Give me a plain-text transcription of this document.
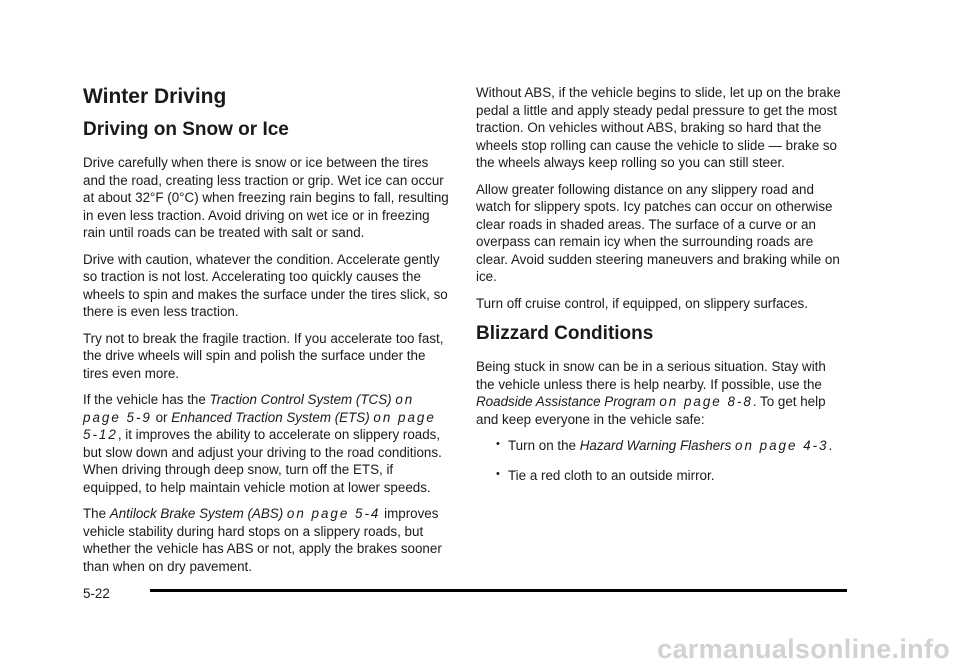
Winter Driving
Driving on Snow or Ice

Drive carefully when there is snow or ice between the tires and the road, creating less traction or grip. Wet ice can occur at about 32°F (0°C) when freezing rain begins to fall, resulting in even less traction. Avoid driving on wet ice or in freezing rain until roads can be treated with salt or sand.

Drive with caution, whatever the condition. Accelerate gently so traction is not lost. Accelerating too quickly causes the wheels to spin and makes the surface under the tires slick, so there is even less traction.

Try not to break the fragile traction. If you accelerate too fast, the drive wheels will spin and polish the surface under the tires even more.

If the vehicle has the Traction Control System (TCS) on page 5‑9 or Enhanced Traction System (ETS) on page 5‑12, it improves the ability to accelerate on slippery roads, but slow down and adjust your driving to the road conditions. When driving through deep snow, turn off the ETS, if equipped, to help maintain vehicle motion at lower speeds.

The Antilock Brake System (ABS) on page 5‑4 improves vehicle stability during hard stops on a slippery roads, but whether the vehicle has ABS or not, apply the brakes sooner than when on dry pavement.

Without ABS, if the vehicle begins to slide, let up on the brake pedal a little and apply steady pedal pressure to get the most traction. On vehicles without ABS, braking so hard that the wheels stop rolling can cause the vehicle to slide — brake so the wheels always keep rolling so you can still steer.

Allow greater following distance on any slippery road and watch for slippery spots. Icy patches can occur on otherwise clear roads in shaded areas. The surface of a curve or an overpass can remain icy when the surrounding roads are clear. Avoid sudden steering maneuvers and braking while on ice.

Turn off cruise control, if equipped, on slippery surfaces.

Blizzard Conditions

Being stuck in snow can be in a serious situation. Stay with the vehicle unless there is help nearby. If possible, use the Roadside Assistance Program on page 8‑8. To get help and keep everyone in the vehicle safe:

• Turn on the Hazard Warning Flashers on page 4‑3.
• Tie a red cloth to an outside mirror.
5-22
carmanualsonline.info
